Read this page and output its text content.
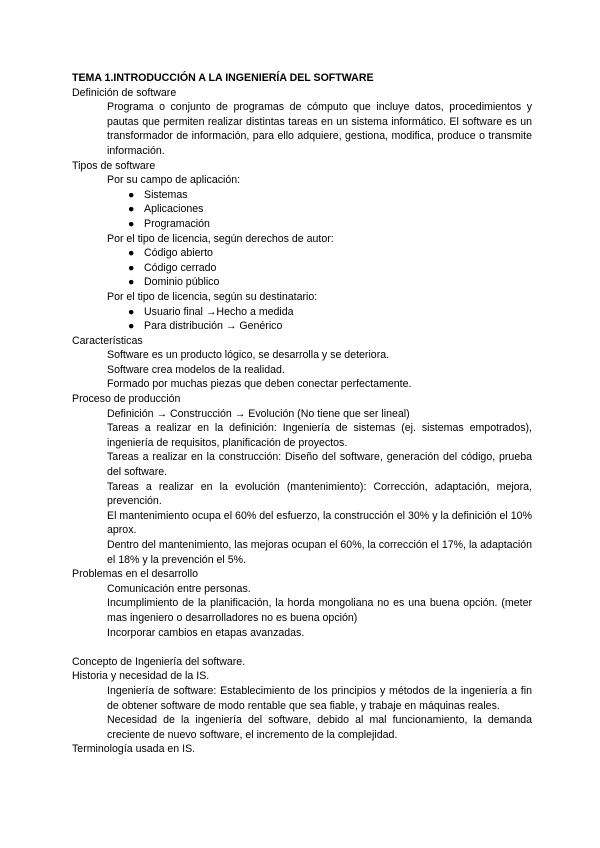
TEMA 1.INTRODUCCIÓN A LA INGENIERÍA DEL SOFTWARE
Definición de software
Programa o conjunto de programas de cómputo que incluye datos, procedimientos y pautas que permiten realizar distintas tareas en un sistema informático. El software es un transformador de información, para ello adquiere, gestiona, modifica, produce o transmite información.
Tipos de software
Por su campo de aplicación:
● Sistemas
● Aplicaciones
● Programación
Por el tipo de licencia, según derechos de autor:
● Código abierto
● Código cerrado
● Dominio público
Por el tipo de licencia, según su destinatario:
● Usuario final →Hecho a medida
● Para distribución → Genérico
Características
Software es un producto lógico, se desarrolla y se deteriora.
Software crea modelos de la realidad.
Formado por muchas piezas que deben conectar perfectamente.
Proceso de producción
Definición → Construcción → Evolución (No tiene que ser lineal)
Tareas a realizar en la definición: Ingeniería de sistemas (ej. sistemas empotrados), ingeniería de requisitos, planificación de proyectos.
Tareas a realizar en la construcción: Diseño del software, generación del código, prueba del software.
Tareas a realizar en la evolución (mantenimiento): Corrección, adaptación, mejora, prevención.
El mantenimiento ocupa el 60% del esfuerzo, la construcción el 30% y la definición el 10% aprox.
Dentro del mantenimiento, las mejoras ocupan el 60%, la corrección el 17%, la adaptación el 18% y la prevención el 5%.
Problemas en el desarrollo
Comunicación entre personas.
Incumplimiento de la planificación, la horda mongoliana no es una buena opción. (meter mas ingeniero o desarrolladores no es buena opción)
Incorporar cambios en etapas avanzadas.
Concepto de Ingeniería del software.
Historia y necesidad de la IS.
Ingeniería de software: Establecimiento de los principios y métodos de la ingeniería a fin de obtener software de modo rentable que sea fiable, y trabaje en máquinas reales.
Necesidad de la ingeniería del software, debido al mal funcionamiento, la demanda creciente de nuevo software, el incremento de la complejidad.
Terminología usada en IS.
